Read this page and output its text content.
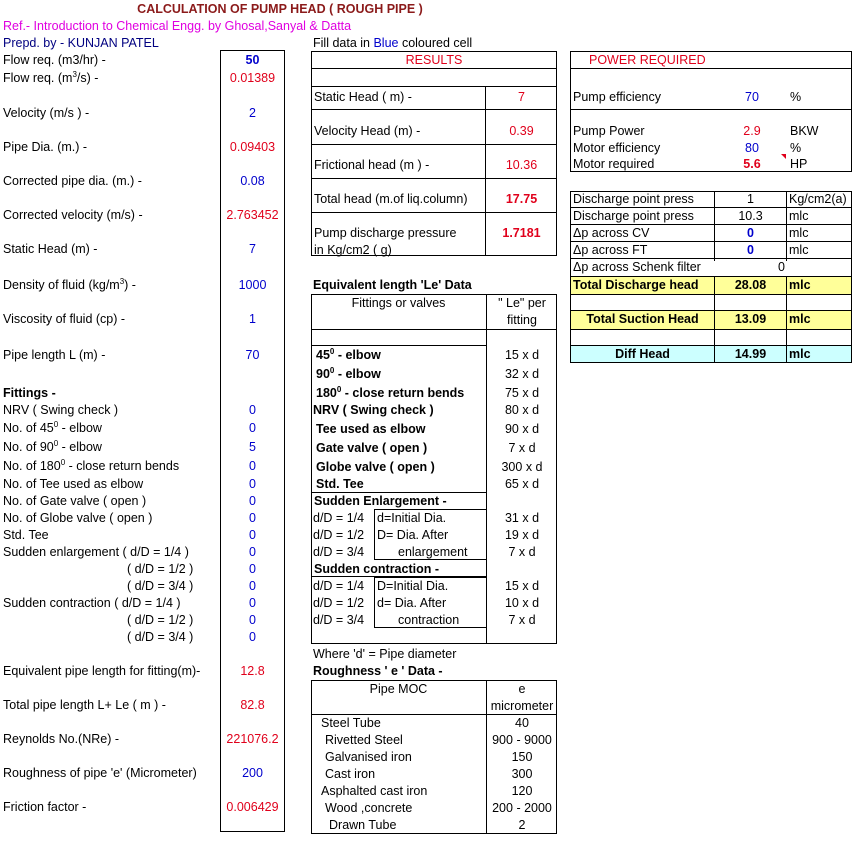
CALCULATION OF PUMP HEAD ( ROUGH PIPE )
Ref.- Introduction to Chemical Engg. by Ghosal,Sanyal & Datta
Prepd. by - KUNJAN PATEL	Fill data in Blue coloured cell
Flow req. (m3/hr) -	50
Flow req. $(m^3/s)$ -	0.01389
Velocity (m/s ) -	2
Pipe Dia. (m.) -	0.09403
Corrected pipe dia. (m.) -	0.08
Corrected velocity (m/s) -	2.763452
Static Head (m) -	7
Density of fluid $(kg/m^3)$ -	1000
Viscosity of fluid (cp) -	1
Pipe length L (m) -	70
Fittings -
NRV ( Swing check )	0
No. of $45^0$ - elbow	0
No. of $90^0$ - elbow	5
No. of $180^0$ - close return bends	0
No. of Tee used as elbow	0
No. of Gate valve ( open )	0
No. of Globe valve ( open )	0
Std. Tee	0
Sudden enlargement ( d/D = 1/4 )	0
( d/D = 1/2 )	0
( d/D = 3/4 )	0
Sudden contraction ( d/D = 1/4 )	0
( d/D = 1/2 )	0
( d/D = 3/4 )	0
Equivalent pipe length for fitting(m)-	12.8
Total pipe length L+ Le ( m ) -	82.8
Reynolds No.(NRe) -	221076.2
Roughness of pipe 'e' (Micrometer)	200
Friction factor -	0.006429
RESULTS
Static Head ( m) -	7
Velocity Head (m) -	0.39
Frictional head (m ) -	10.36
Total head (m.of liq.column)	17.75
Pump discharge pressure
in Kg/cm2 ( g)
1.7181
POWER REQUIRED
Pump efficiency	70	%
Pump Power	2.9	BKW
Motor efficiency	80	%
Motor required	5.6	HP
Discharge point press	1	Kg/cm2(a)
Discharge point press	10.3	mlc
Δp across CV	0	mlc
Δp across FT	0	mlc
Δp across Schenk filter	0
Total Discharge head	28.08	mlc
Total Suction Head	13.09	mlc
Diff Head	14.99	mlc
Equivalent length 'Le' Data
Fittings or valves	" Le" per
fitting
$45^0$ - elbow	15 x d
$90^0$ - elbow	32 x d
$180^0$ - close return bends	75 x d
NRV ( Swing check )	80 x d
Tee used as elbow	90 x d
Gate valve ( open )	7 x d
Globe valve ( open )	300 x d
Std. Tee	65 x d
Sudden Enlargement -
d/D = 1/4 d=Initial Dia.	31 x d
d/D = 1/2 D= Dia. After	19 x d
d/D = 3/4	enlargement	7 x d
Sudden contraction -
d/D = 1/4 D=Initial Dia.	15 x d
d/D = 1/2 d= Dia. After	10 x d
d/D = 3/4	contraction	7 x d
Where 'd' = Pipe diameter
Roughness ' e ' Data -
Pipe MOC	e
micrometer
Steel Tube	40
Rivetted Steel	900 - 9000
Galvanised iron	150
Cast iron	300
Asphalted cast iron	120
Wood ,concrete	200 - 2000
Drawn Tube	2
